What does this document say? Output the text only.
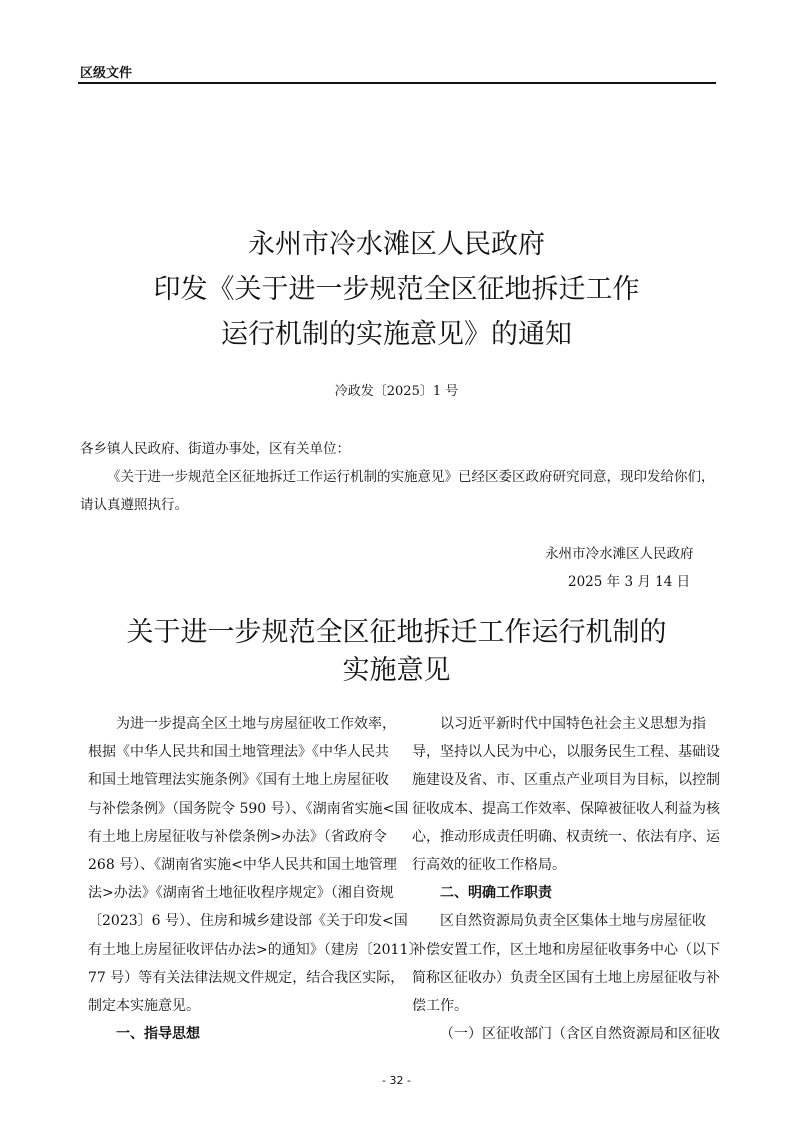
区级文件
永州市冷水滩区人民政府
印发《关于进一步规范全区征地拆迁工作
运行机制的实施意见》的通知
冷政发〔2025〕1 号
各乡镇人民政府、街道办事处，区有关单位：
《关于进一步规范全区征地拆迁工作运行机制的实施意见》已经区委区政府研究同意，现印发给你们，
请认真遵照执行。
永州市冷水滩区人民政府
2025 年 3 月 14 日
关于进一步规范全区征地拆迁工作运行机制的
实施意见
为进一步提高全区土地与房屋征收工作效率，
根据《中华人民共和国土地管理法》《中华人民共
和国土地管理法实施条例》《国有土地上房屋征收
与补偿条例》（国务院令 590 号）、《湖南省实施<国
有土地上房屋征收与补偿条例>办法》（省政府令
268 号）、《湖南省实施<中华人民共和国土地管理
法>办法》《湖南省土地征收程序规定》（湘自资规
〔2023〕6 号）、住房和城乡建设部《关于印发<国
有土地上房屋征收评估办法>的通知》（建房〔2011〕
77 号）等有关法律法规文件规定，结合我区实际，
制定本实施意见。
一、指导思想
以习近平新时代中国特色社会主义思想为指
导，坚持以人民为中心，以服务民生工程、基础设
施建设及省、市、区重点产业项目为目标，以控制
征收成本、提高工作效率、保障被征收人利益为核
心，推动形成责任明确、权责统一、依法有序、运
行高效的征收工作格局。
二、明确工作职责
区自然资源局负责全区集体土地与房屋征收
补偿安置工作，区土地和房屋征收事务中心（以下
简称区征收办）负责全区国有土地上房屋征收与补
偿工作。
（一）区征收部门（含区自然资源局和区征收
- 32 -
